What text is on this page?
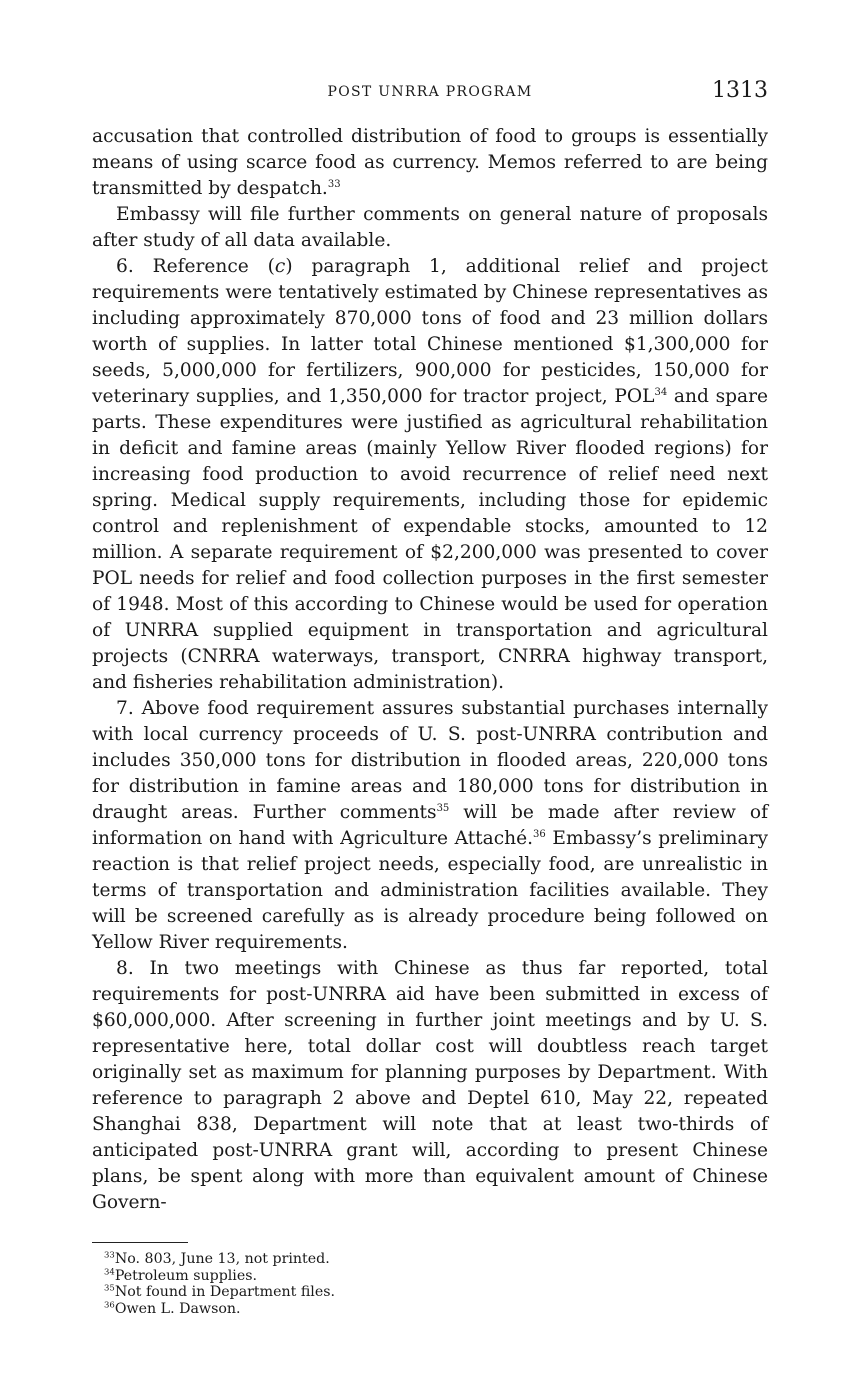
POST UNRRA PROGRAM	1313

accusation that controlled distribution of food to groups is essentially means of using scarce food as currency. Memos referred to are being transmitted by despatch.$^{33}$

Embassy will file further comments on general nature of proposals after study of all data available.

6. Reference (c) paragraph 1, additional relief and project requirements were tentatively estimated by Chinese representatives as including approximately 870,000 tons of food and 23 million dollars worth of supplies. In latter total Chinese mentioned $1,300,000 for seeds, 5,000,000 for fertilizers, 900,000 for pesticides, 150,000 for veterinary supplies, and 1,350,000 for tractor project, POL$^{34}$ and spare parts. These expenditures were justified as agricultural rehabilitation in deficit and famine areas (mainly Yellow River flooded regions) for increasing food production to avoid recurrence of relief need next spring. Medical supply requirements, including those for epidemic control and replenishment of expendable stocks, amounted to 12 million. A separate requirement of $2,200,000 was presented to cover POL needs for relief and food collection purposes in the first semester of 1948. Most of this according to Chinese would be used for operation of UNRRA supplied equipment in transportation and agricultural projects (CNRRA waterways, transport, CNRRA highway transport, and fisheries rehabilitation administration).

7. Above food requirement assures substantial purchases internally with local currency proceeds of U. S. post-UNRRA contribution and includes 350,000 tons for distribution in flooded areas, 220,000 tons for distribution in famine areas and 180,000 tons for distribution in draught areas. Further comments$^{35}$ will be made after review of information on hand with Agriculture Attaché.$^{36}$ Embassy’s preliminary reaction is that relief project needs, especially food, are unrealistic in terms of transportation and administration facilities available. They will be screened carefully as is already procedure being followed on Yellow River requirements.

8. In two meetings with Chinese as thus far reported, total requirements for post-UNRRA aid have been submitted in excess of $60,000,000. After screening in further joint meetings and by U. S. representative here, total dollar cost will doubtless reach target originally set as maximum for planning purposes by Department. With reference to paragraph 2 above and Deptel 610, May 22, repeated Shanghai 838, Department will note that at least two-thirds of anticipated post-UNRRA grant will, according to present Chinese plans, be spent along with more than equivalent amount of Chinese Govern-

$^{33}$No. 803, June 13, not printed.
$^{34}$Petroleum supplies.
$^{35}$Not found in Department files.
$^{36}$Owen L. Dawson.
